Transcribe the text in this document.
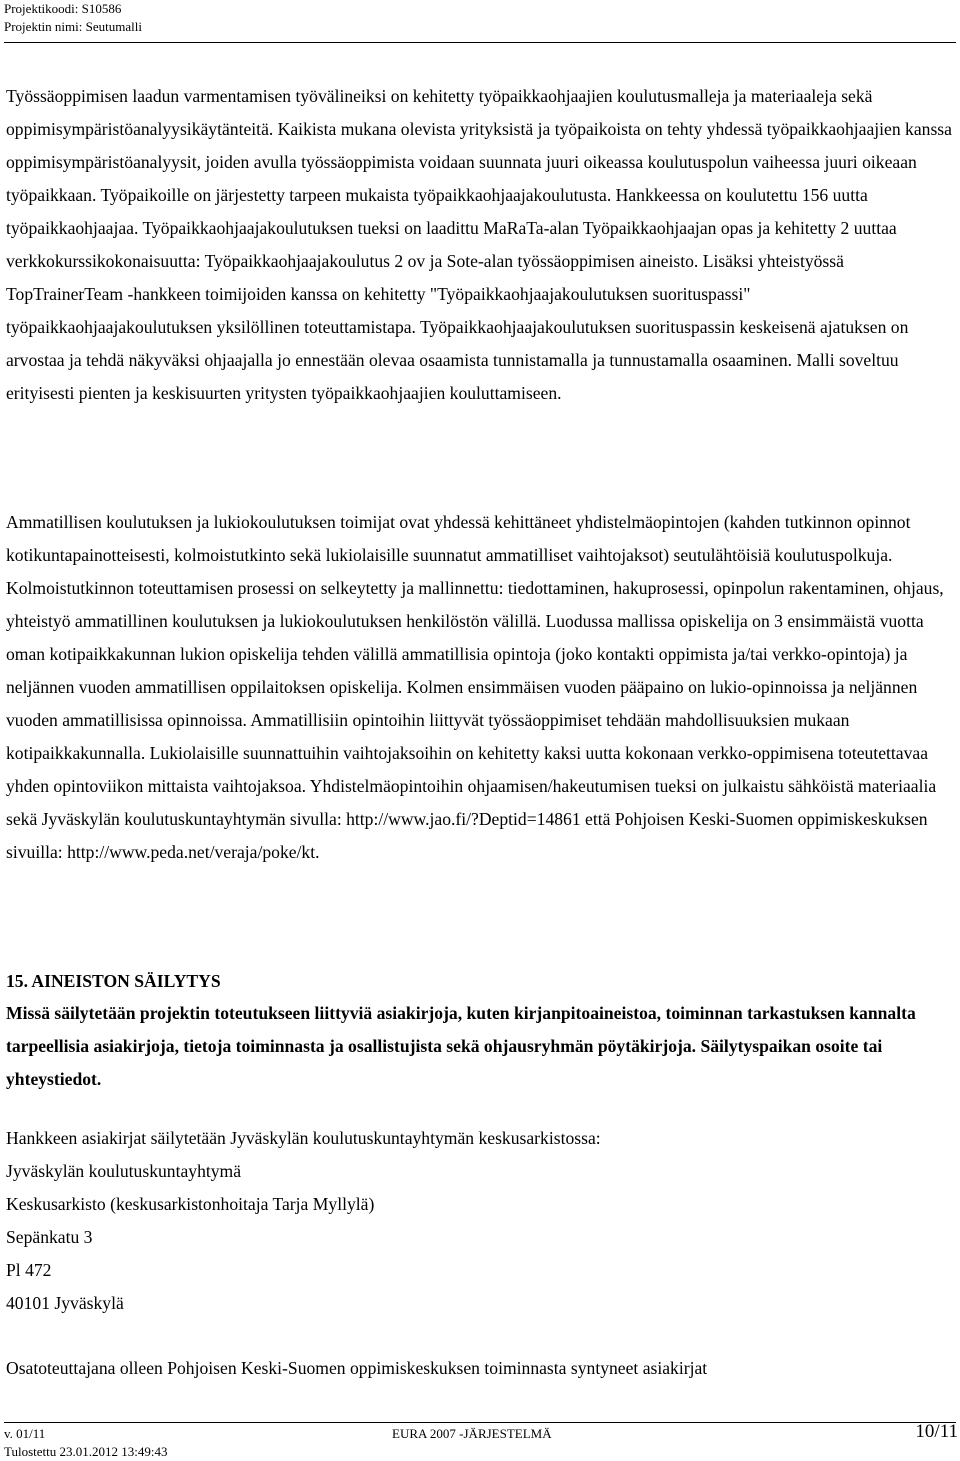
Projektikoodi: S10586
Projektin nimi: Seutumalli

Työssäoppimisen laadun varmentamisen työvälineiksi on kehitetty työpaikkaohjaajien koulutusmalleja ja materiaaleja sekä oppimisympäristöanalyysikäytänteitä. Kaikista mukana olevista yrityksistä ja työpaikoista on tehty yhdessä työpaikkaohjaajien kanssa oppimisympäristöanalyysit, joiden avulla työssäoppimista voidaan suunnata juuri oikeassa koulutuspolun vaiheessa juuri oikeaan työpaikkaan. Työpaikoille on järjestetty tarpeen mukaista työpaikkaohjaajakoulutusta. Hankkeessa on koulutettu 156 uutta työpaikkaohjaajaa. Työpaikkaohjaajakoulutuksen tueksi on laadittu MaRaTa-alan Työpaikkaohjaajan opas ja kehitetty 2 uuttaa verkkokurssikokonaisuutta: Työpaikkaohjaajakoulutus 2 ov ja Sote-alan työssäoppimisen aineisto. Lisäksi yhteistyössä TopTrainerTeam -hankkeen toimijoiden kanssa on kehitetty "Työpaikkaohjaajakoulutuksen suorituspassi" työpaikkaohjaajakoulutuksen yksilöllinen toteuttamistapa. Työpaikkaohjaajakoulutuksen suorituspassin keskeisenä ajatuksen on arvostaa ja tehdä näkyväksi ohjaajalla jo ennestään olevaa osaamista tunnistamalla ja tunnustamalla osaaminen. Malli soveltuu erityisesti pienten ja keskisuurten yritysten työpaikkaohjaajien kouluttamiseen.

Ammatillisen koulutuksen ja lukiokoulutuksen toimijat ovat yhdessä kehittäneet yhdistelmäopintojen (kahden tutkinnon opinnot kotikuntapainotteisesti, kolmoistutkinto sekä lukiolaisille suunnatut ammatilliset vaihtojaksot) seutulähtöisiä koulutuspolkuja. Kolmoistutkinnon toteuttamisen prosessi on selkeytetty ja mallinnettu: tiedottaminen, hakuprosessi, opinpolun rakentaminen, ohjaus, yhteistyö ammatillinen koulutuksen ja lukiokoulutuksen henkilöstön välillä. Luodussa mallissa opiskelija on 3 ensimmäistä vuotta oman kotipaikkakunnan lukion opiskelija tehden välillä ammatillisia opintoja (joko kontakti oppimista ja/tai verkko-opintoja) ja neljännen vuoden ammatillisen oppilaitoksen opiskelija. Kolmen ensimmäisen vuoden pääpaino on lukio-opinnoissa ja neljännen vuoden ammatillisissa opinnoissa. Ammatillisiin opintoihin liittyvät työssäoppimiset tehdään mahdollisuuksien mukaan kotipaikkakunnalla. Lukiolaisille suunnattuihin vaihtojaksoihin on kehitetty kaksi uutta kokonaan verkko-oppimisena toteutettavaa yhden opintoviikon mittaista vaihtojaksoa. Yhdistelmäopintoihin ohjaamisen/hakeutumisen tueksi on julkaistu sähköistä materiaalia sekä Jyväskylän koulutuskuntayhtymän sivulla: http://www.jao.fi/?Deptid=14861 että Pohjoisen Keski-Suomen oppimiskeskuksen sivuilla: http://www.peda.net/veraja/poke/kt.

15. AINEISTON SÄILYTYS

Missä säilytetään projektin toteutukseen liittyviä asiakirjoja, kuten kirjanpitoaineistoa, toiminnan tarkastuksen kannalta tarpeellisia asiakirjoja, tietoja toiminnasta ja osallistujista sekä ohjausryhmän pöytäkirjoja. Säilytyspaikan osoite tai yhteystiedot.

Hankkeen asiakirjat säilytetään Jyväskylän koulutuskuntayhtymän keskusarkistossa:
Jyväskylän koulutuskuntayhtymä
Keskusarkisto (keskusarkistonhoitaja Tarja Myllylä)
Sepänkatu 3
Pl 472
40101 Jyväskylä
Osatoteuttajana olleen Pohjoisen Keski-Suomen oppimiskeskuksen toiminnasta syntyneet asiakirjat
v. 01/11
Tulostettu 23.01.2012 13:49:43
EURA 2007 -JÄRJESTELMÄ	10/11
